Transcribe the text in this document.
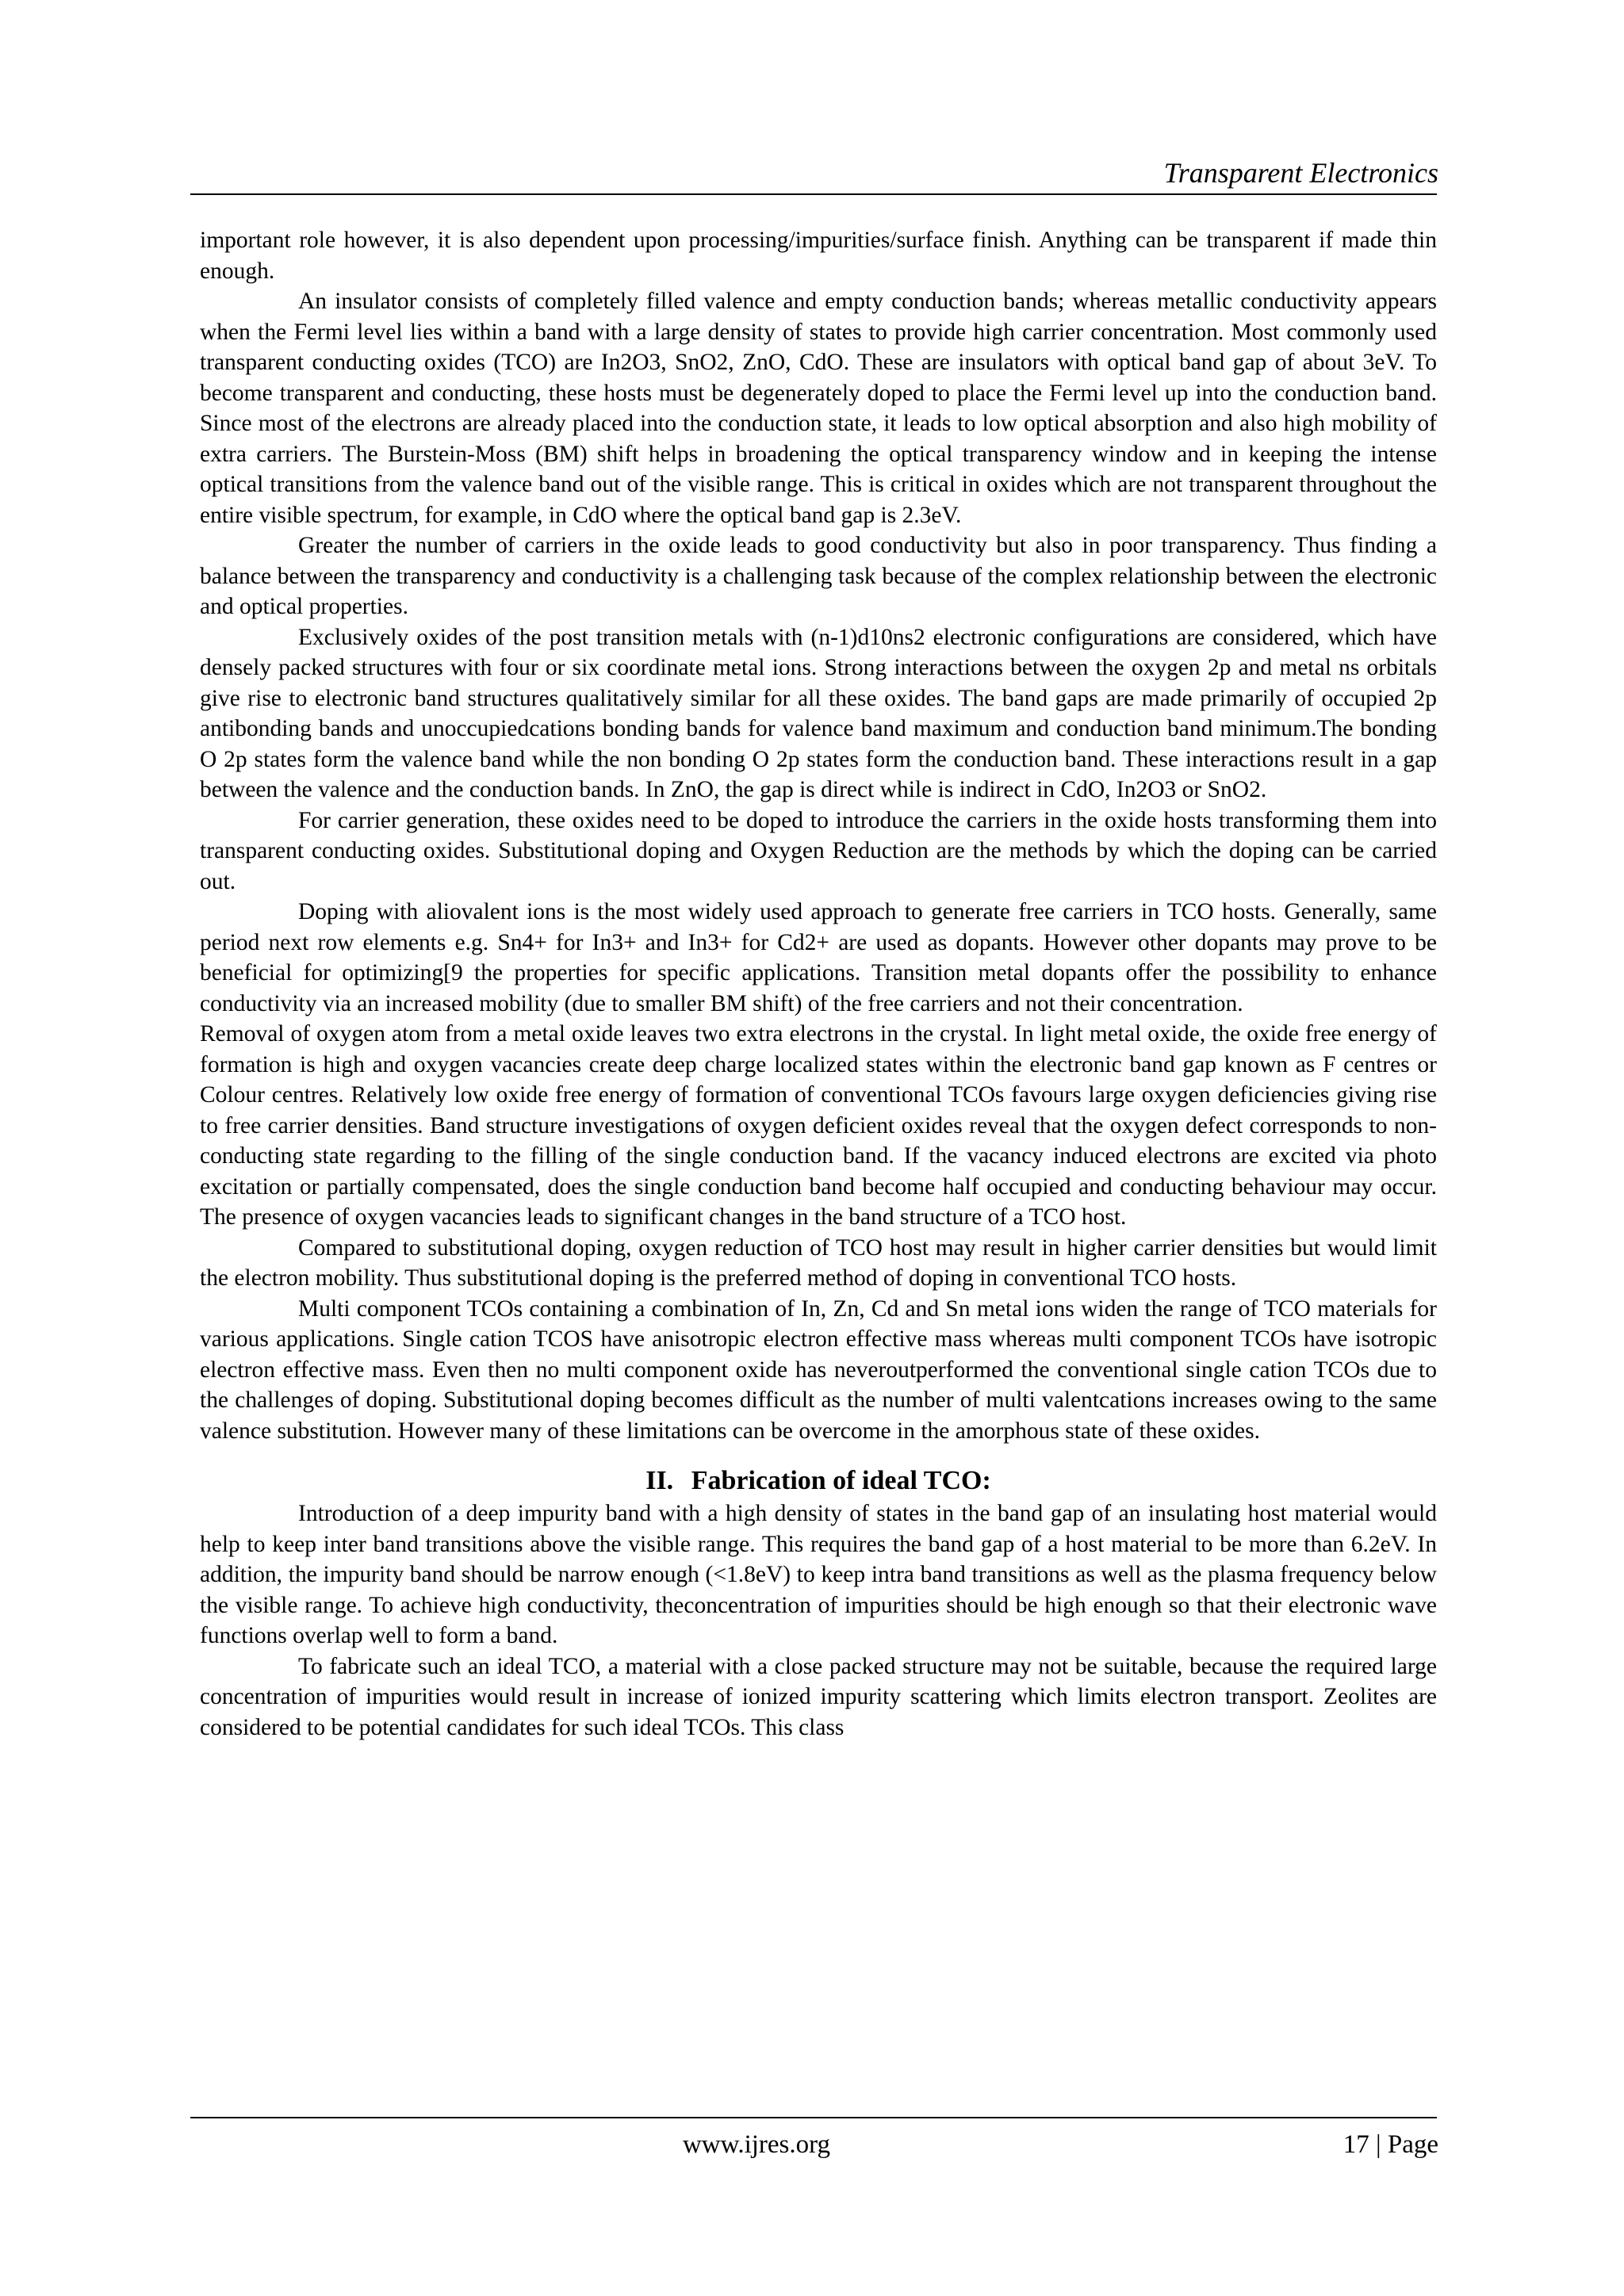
Transparent Electronics

important role however, it is also dependent upon processing/impurities/surface finish. Anything can be transparent if made thin enough.

An insulator consists of completely filled valence and empty conduction bands; whereas metallic conductivity appears when the Fermi level lies within a band with a large density of states to provide high carrier concentration. Most commonly used transparent conducting oxides (TCO) are In2O3, SnO2, ZnO, CdO. These are insulators with optical band gap of about 3eV. To become transparent and conducting, these hosts must be degenerately doped to place the Fermi level up into the conduction band. Since most of the electrons are already placed into the conduction state, it leads to low optical absorption and also high mobility of extra carriers. The Burstein-Moss (BM) shift helps in broadening the optical transparency window and in keeping the intense optical transitions from the valence band out of the visible range. This is critical in oxides which are not transparent throughout the entire visible spectrum, for example, in CdO where the optical band gap is 2.3eV.

Greater the number of carriers in the oxide leads to good conductivity but also in poor transparency. Thus finding a balance between the transparency and conductivity is a challenging task because of the complex relationship between the electronic and optical properties.

Exclusively oxides of the post transition metals with (n-1)d10ns2 electronic configurations are considered, which have densely packed structures with four or six coordinate metal ions. Strong interactions between the oxygen 2p and metal ns orbitals give rise to electronic band structures qualitatively similar for all these oxides. The band gaps are made primarily of occupied 2p antibonding bands and unoccupiedcations bonding bands for valence band maximum and conduction band minimum.The bonding O 2p states form the valence band while the non bonding O 2p states form the conduction band. These interactions result in a gap between the valence and the conduction bands. In ZnO, the gap is direct while is indirect in CdO, In2O3 or SnO2.

For carrier generation, these oxides need to be doped to introduce the carriers in the oxide hosts transforming them into transparent conducting oxides. Substitutional doping and Oxygen Reduction are the methods by which the doping can be carried out.

Doping with aliovalent ions is the most widely used approach to generate free carriers in TCO hosts. Generally, same period next row elements e.g. Sn4+ for In3+ and In3+ for Cd2+ are used as dopants. However other dopants may prove to be beneficial for optimizing[9 the properties for specific applications. Transition metal dopants offer the possibility to enhance conductivity via an increased mobility (due to smaller BM shift) of the free carriers and not their concentration.

Removal of oxygen atom from a metal oxide leaves two extra electrons in the crystal. In light metal oxide, the oxide free energy of formation is high and oxygen vacancies create deep charge localized states within the electronic band gap known as F centres or Colour centres. Relatively low oxide free energy of formation of conventional TCOs favours large oxygen deficiencies giving rise to free carrier densities. Band structure investigations of oxygen deficient oxides reveal that the oxygen defect corresponds to non-conducting state regarding to the filling of the single conduction band. If the vacancy induced electrons are excited via photo excitation or partially compensated, does the single conduction band become half occupied and conducting behaviour may occur. The presence of oxygen vacancies leads to significant changes in the band structure of a TCO host.

Compared to substitutional doping, oxygen reduction of TCO host may result in higher carrier densities but would limit the electron mobility. Thus substitutional doping is the preferred method of doping in conventional TCO hosts.

Multi component TCOs containing a combination of In, Zn, Cd and Sn metal ions widen the range of TCO materials for various applications. Single cation TCOS have anisotropic electron effective mass whereas multi component TCOs have isotropic electron effective mass. Even then no multi component oxide has neveroutperformed the conventional single cation TCOs due to the challenges of doping. Substitutional doping becomes difficult as the number of multi valentcations increases owing to the same valence substitution. However many of these limitations can be overcome in the amorphous state of these oxides.

II. Fabrication of ideal TCO:

Introduction of a deep impurity band with a high density of states in the band gap of an insulating host material would help to keep inter band transitions above the visible range. This requires the band gap of a host material to be more than 6.2eV. In addition, the impurity band should be narrow enough (<1.8eV) to keep intra band transitions as well as the plasma frequency below the visible range. To achieve high conductivity, theconcentration of impurities should be high enough so that their electronic wave functions overlap well to form a band.

To fabricate such an ideal TCO, a material with a close packed structure may not be suitable, because the required large concentration of impurities would result in increase of ionized impurity scattering which limits electron transport. Zeolites are considered to be potential candidates for such ideal TCOs. This class

www.ijres.org	17 | Page
